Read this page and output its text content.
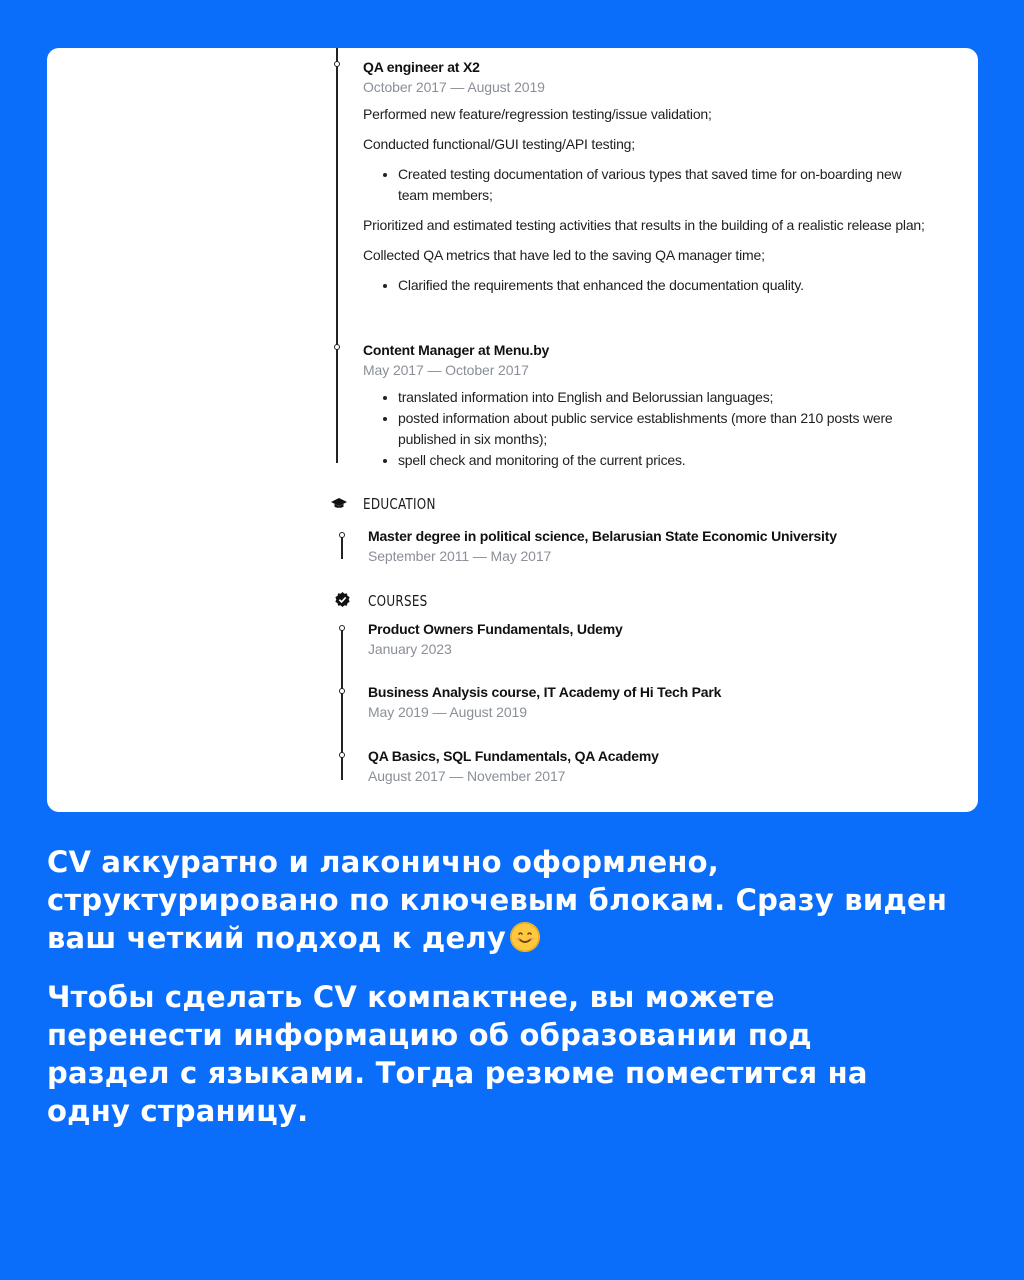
QA engineer at X2
October 2017 — August 2019
Performed new feature/regression testing/issue validation;
Conducted functional/GUI testing/API testing;
Created testing documentation of various types that saved time for on-boarding new team members;
Prioritized and estimated testing activities that results in the building of a realistic release plan;
Collected QA metrics that have led to the saving QA manager time;
Clarified the requirements that enhanced the documentation quality.
Content Manager at Menu.by
May 2017 — October 2017
translated information into English and Belorussian languages;
posted information about public service establishments (more than 210 posts were published in six months);
spell check and monitoring of the current prices.
EDUCATION
Master degree in political science, Belarusian State Economic University
September 2011 — May 2017
COURSES
Product Owners Fundamentals, Udemy
January 2023
Business Analysis course, IT Academy of Hi Tech Park
May 2019 — August 2019
QA Basics, SQL Fundamentals, QA Academy
August 2017 — November 2017

CV аккуратно и лаконично оформлено, структурировано по ключевым блокам. Сразу виден ваш четкий подход к делу

Чтобы сделать CV компактнее, вы можете перенести информацию об образовании под раздел с языками. Тогда резюме поместится на одну страницу.
